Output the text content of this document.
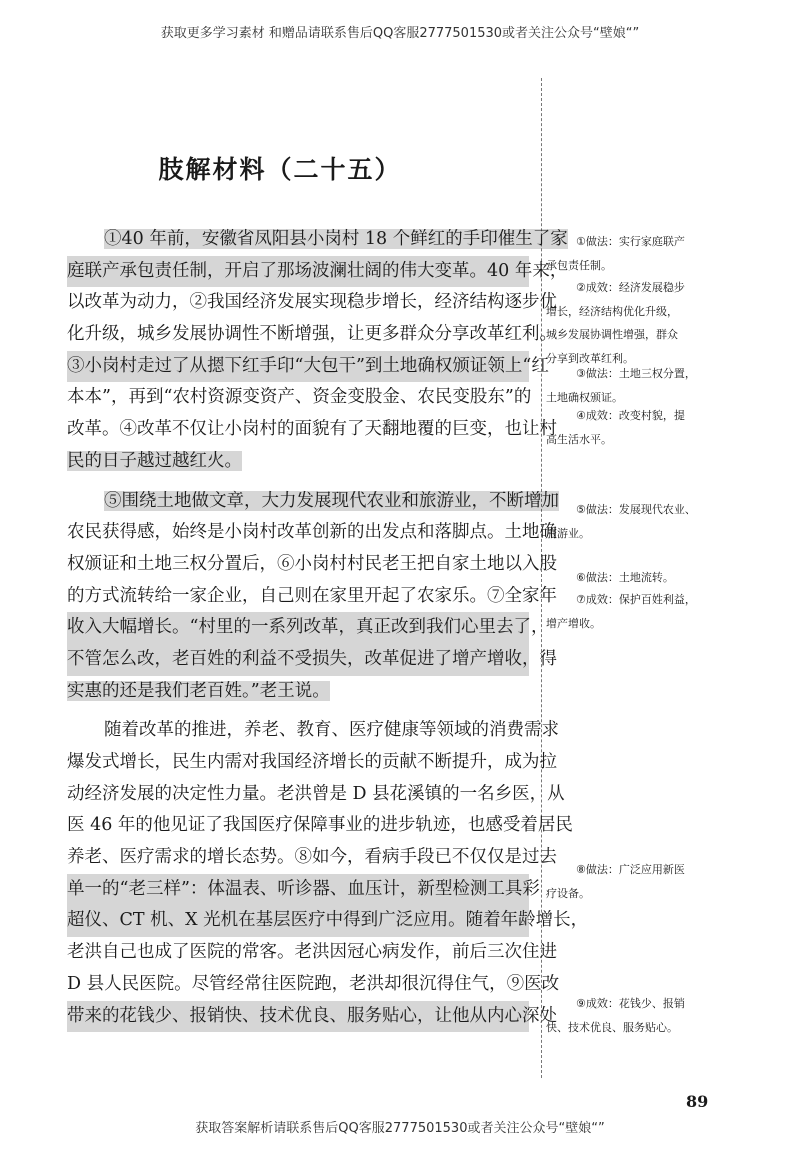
获取更多学习素材 和赠品请联系售后QQ客服2777501530或者关注公众号“壁娘“”
肢解材料（二十五）
①40 年前，安徽省凤阳县小岗村 18 个鲜红的手印催生了家
庭联产承包责任制，开启了那场波澜壮阔的伟大变革。40 年来，
以改革为动力，②我国经济发展实现稳步增长，经济结构逐步优
化升级，城乡发展协调性不断增强，让更多群众分享改革红利。
③小岗村走过了从摁下红手印“大包干”到土地确权颁证领上“红
本本”，再到“农村资源变资产、资金变股金、农民变股东”的
改革。④改革不仅让小岗村的面貌有了天翻地覆的巨变，也让村
民的日子越过越红火。
⑤围绕土地做文章，大力发展现代农业和旅游业，不断增加
农民获得感，始终是小岗村改革创新的出发点和落脚点。土地确
权颁证和土地三权分置后，⑥小岗村村民老王把自家土地以入股
的方式流转给一家企业，自己则在家里开起了农家乐。⑦全家年
收入大幅增长。“村里的一系列改革，真正改到我们心里去了，
不管怎么改，老百姓的利益不受损失，改革促进了增产增收，得
实惠的还是我们老百姓。”老王说。
随着改革的推进，养老、教育、医疗健康等领域的消费需求
爆发式增长，民生内需对我国经济增长的贡献不断提升，成为拉
动经济发展的决定性力量。老洪曾是 D 县花溪镇的一名乡医，从
医 46 年的他见证了我国医疗保障事业的进步轨迹，也感受着居民
养老、医疗需求的增长态势。⑧如今，看病手段已不仅仅是过去
单一的“老三样”：体温表、听诊器、血压计，新型检测工具彩
超仪、CT 机、X 光机在基层医疗中得到广泛应用。随着年龄增长，
老洪自己也成了医院的常客。老洪因冠心病发作，前后三次住进
D 县人民医院。尽管经常往医院跑，老洪却很沉得住气，⑨医改
带来的花钱少、报销快、技术优良、服务贴心，让他从内心深处
①做法：实行家庭联产
承包责任制。
②成效：经济发展稳步
增长，经济结构优化升级，
城乡发展协调性增强，群众
分享到改革红利。
③做法：土地三权分置，
土地确权颁证。
④成效：改变村貌，提
高生活水平。
⑤做法：发展现代农业、
旅游业。
⑥做法：土地流转。
⑦成效：保护百姓利益，
增产增收。
⑧做法：广泛应用新医
疗设备。
⑨成效：花钱少、报销
快、技术优良、服务贴心。
89
获取答案解析请联系售后QQ客服2777501530或者关注公众号“壁娘“”
